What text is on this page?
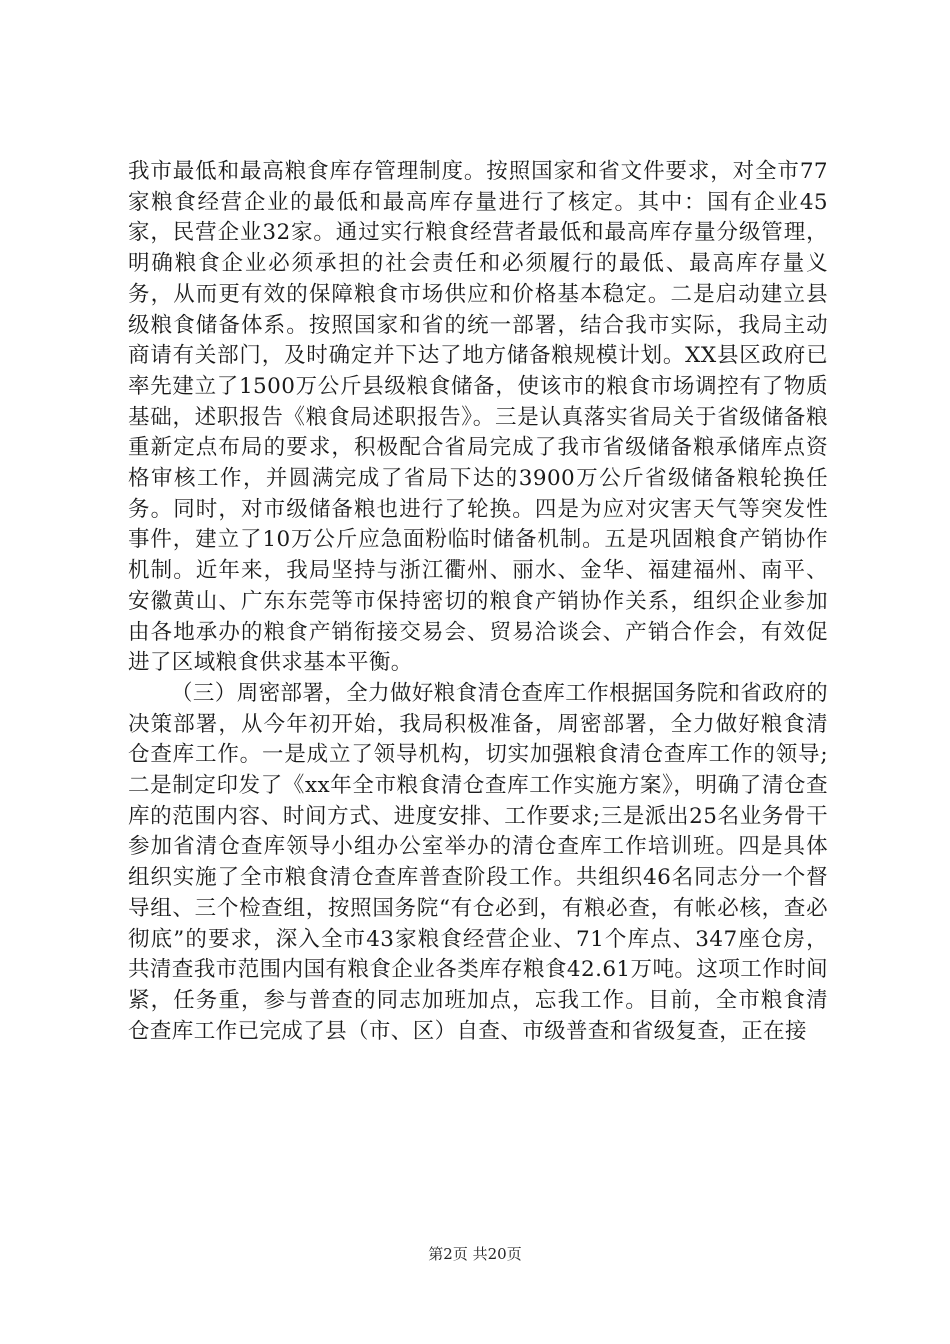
我市最低和最高粮食库存管理制度。按照国家和省文件要求，对全市77家粮食经营企业的最低和最高库存量进行了核定。其中：国有企业45家，民营企业32家。通过实行粮食经营者最低和最高库存量分级管理，明确粮食企业必须承担的社会责任和必须履行的最低、最高库存量义务，从而更有效的保障粮食市场供应和价格基本稳定。二是启动建立县级粮食储备体系。按照国家和省的统一部署，结合我市实际，我局主动商请有关部门，及时确定并下达了地方储备粮规模计划。XX县区政府已率先建立了1500万公斤县级粮食储备，使该市的粮食市场调控有了物质基础，述职报告《粮食局述职报告》。三是认真落实省局关于省级储备粮重新定点布局的要求，积极配合省局完成了我市省级储备粮承储库点资格审核工作，并圆满完成了省局下达的3900万公斤省级储备粮轮换任务。同时，对市级储备粮也进行了轮换。四是为应对灾害天气等突发性事件，建立了10万公斤应急面粉临时储备机制。五是巩固粮食产销协作机制。近年来，我局坚持与浙江衢州、丽水、金华、福建福州、南平、安徽黄山、广东东莞等市保持密切的粮食产销协作关系，组织企业参加由各地承办的粮食产销衔接交易会、贸易洽谈会、产销合作会，有效促进了区域粮食供求基本平衡。

（三）周密部署，全力做好粮食清仓查库工作根据国务院和省政府的决策部署，从今年初开始，我局积极准备，周密部署，全力做好粮食清仓查库工作。一是成立了领导机构，切实加强粮食清仓查库工作的领导;二是制定印发了《xx年全市粮食清仓查库工作实施方案》，明确了清仓查库的范围内容、时间方式、进度安排、工作要求;三是派出25名业务骨干参加省清仓查库领导小组办公室举办的清仓查库工作培训班。四是具体组织实施了全市粮食清仓查库普查阶段工作。共组织46名同志分一个督导组、三个检查组，按照国务院“有仓必到，有粮必查，有帐必核，查必彻底”的要求，深入全市43家粮食经营企业、71个库点、347座仓房，共清查我市范围内国有粮食企业各类库存粮食42.61万吨。这项工作时间紧，任务重，参与普查的同志加班加点，忘我工作。目前，全市粮食清仓查库工作已完成了县（市、区）自查、市级普查和省级复查，正在接

第2页 共20页
